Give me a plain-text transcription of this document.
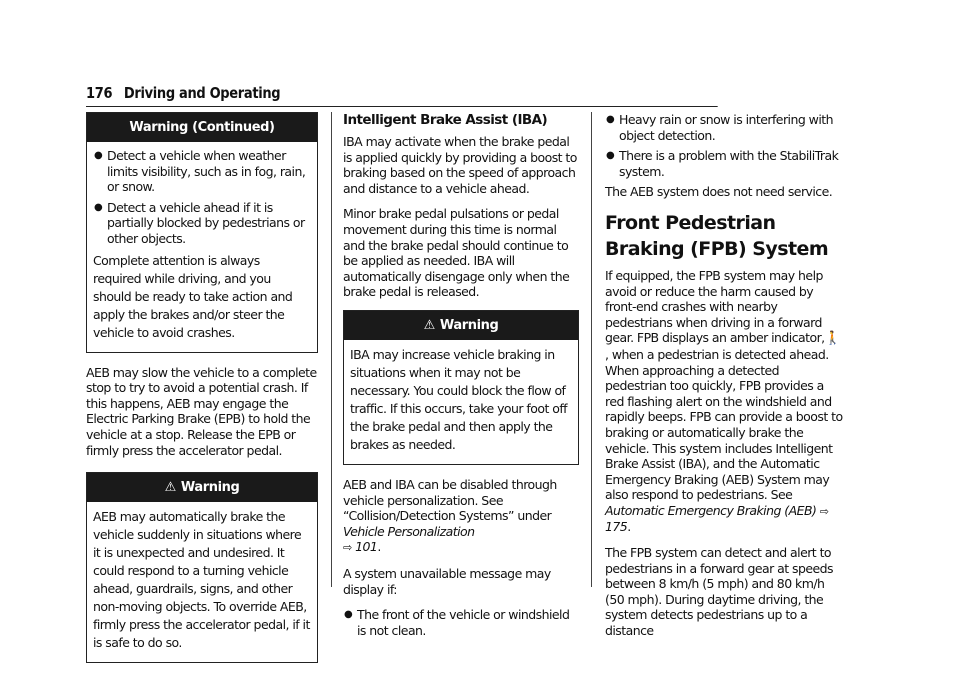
176 Driving and Operating
Warning (Continued)
● Detect a vehicle when weather limits visibility, such as in fog, rain, or snow.
● Detect a vehicle ahead if it is partially blocked by pedestrians or other objects.

Complete attention is always required while driving, and you should be ready to take action and apply the brakes and/or steer the vehicle to avoid crashes.

AEB may slow the vehicle to a complete stop to try to avoid a potential crash. If this happens, AEB may engage the Electric Parking Brake (EPB) to hold the vehicle at a stop. Release the EPB or firmly press the accelerator pedal.

⚠ Warning

AEB may automatically brake the vehicle suddenly in situations where it is unexpected and undesired. It could respond to a turning vehicle ahead, guardrails, signs, and other non-moving objects. To override AEB, firmly press the accelerator pedal, if it is safe to do so.

Intelligent Brake Assist (IBA)

IBA may activate when the brake pedal is applied quickly by providing a boost to braking based on the speed of approach and distance to a vehicle ahead.

Minor brake pedal pulsations or pedal movement during this time is normal and the brake pedal should continue to be applied as needed. IBA will automatically disengage only when the brake pedal is released.

⚠ Warning

IBA may increase vehicle braking in situations when it may not be necessary. You could block the flow of traffic. If this occurs, take your foot off the brake pedal and then apply the brakes as needed.

AEB and IBA can be disabled through vehicle personalization. See “Collision/Detection Systems” under Vehicle Personalization
⇨ 101.

A system unavailable message may display if:

● The front of the vehicle or windshield is not clean.
● Heavy rain or snow is interfering with object detection.
● There is a problem with the StabiliTrak system.

The AEB system does not need service.

Front Pedestrian Braking (FPB) System

If equipped, the FPB system may help avoid or reduce the harm caused by front-end crashes with nearby pedestrians when driving in a forward gear. FPB displays an amber indicator,🚶, when a pedestrian is detected ahead. When approaching a detected pedestrian too quickly, FPB provides a red flashing alert on the windshield and rapidly beeps. FPB can provide a boost to braking or automatically brake the vehicle. This system includes Intelligent Brake Assist (IBA), and the Automatic Emergency Braking (AEB) System may also respond to pedestrians. See Automatic Emergency Braking (AEB) ⇨ 175.

The FPB system can detect and alert to pedestrians in a forward gear at speeds between 8 km/h (5 mph) and 80 km/h (50 mph). During daytime driving, the system detects pedestrians up to a distance
